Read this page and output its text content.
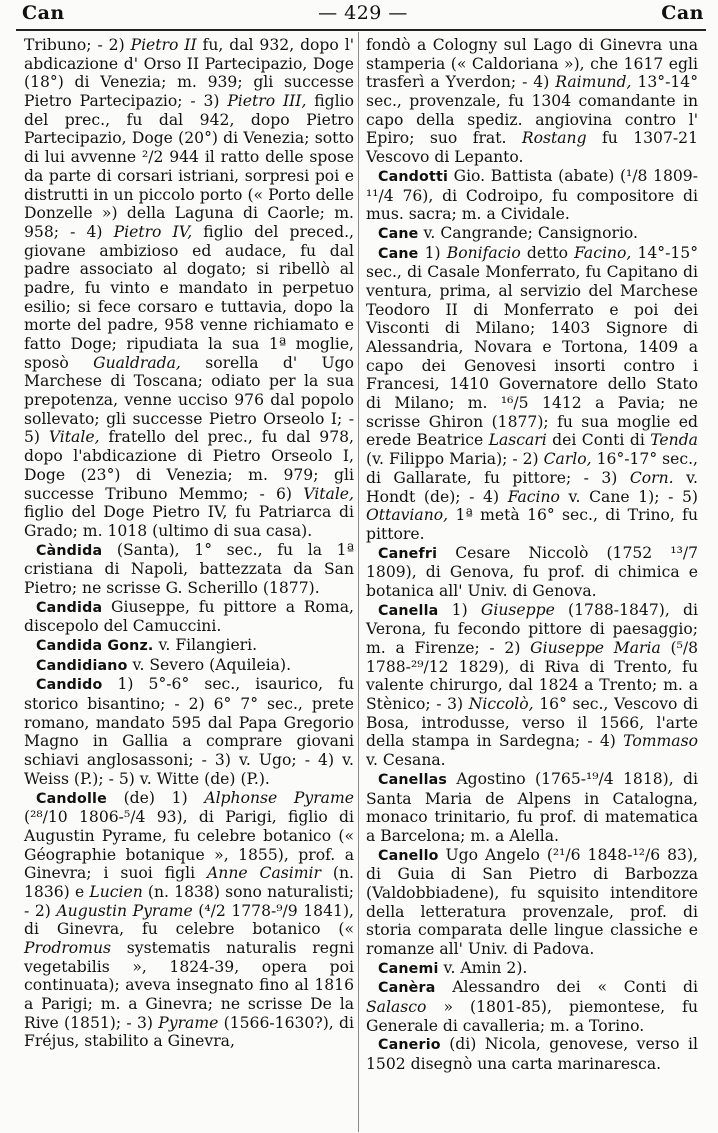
Can	— 429 —	Can

Tribuno; - 2) Pietro II fu, dal 932, dopo l' abdicazione d' Orso II Partecipazio, Doge (18°) di Venezia; m. 939; gli successe Pietro Partecipazio; - 3) Pietro III, figlio del prec., fu dal 942, dopo Pietro Partecipazio, Doge (20°) di Venezia; sotto di lui avvenne ²/2 944 il ratto delle spose da parte di corsari istriani, sorpresi poi e distrutti in un piccolo porto (« Porto delle Donzelle ») della Laguna di Caorle; m. 958; - 4) Pietro IV, figlio del preced., giovane ambizioso ed audace, fu dal padre associato al dogato; si ribellò al padre, fu vinto e mandato in perpetuo esilio; si fece corsaro e tuttavia, dopo la morte del padre, 958 venne richiamato e fatto Doge; ripudiata la sua 1ª moglie, sposò Gualdrada, sorella d' Ugo Marchese di Toscana; odiato per la sua prepotenza, venne ucciso 976 dal popolo sollevato; gli successe Pietro Orseolo I; - 5) Vitale, fratello del prec., fu dal 978, dopo l'abdicazione di Pietro Orseolo I, Doge (23°) di Venezia; m. 979; gli successe Tribuno Memmo; - 6) Vitale, figlio del Doge Pietro IV, fu Patriarca di Grado; m. 1018 (ultimo di sua casa).

Càndida (Santa), 1° sec., fu la 1ª cristiana di Napoli, battezzata da San Pietro; ne scrisse G. Scherillo (1877).

Candida Giuseppe, fu pittore a Roma, discepolo del Camuccini.

Candida Gonz. v. Filangieri.

Candidiano v. Severo (Aquileia).

Candido 1) 5°-6° sec., isaurico, fu storico bisantino; - 2) 6° 7° sec., prete romano, mandato 595 dal Papa Gregorio Magno in Gallia a comprare giovani schiavi anglosassoni; - 3) v. Ugo; - 4) v. Weiss (P.); - 5) v. Witte (de) (P.).

Candolle (de) 1) Alphonse Pyrame (²⁸/10 1806-⁵/4 93), di Parigi, figlio di Augustin Pyrame, fu celebre botanico (« Géographie botanique », 1855), prof. a Ginevra; i suoi figli Anne Casimir (n. 1836) e Lucien (n. 1838) sono naturalisti; - 2) Augustin Pyrame (⁴/2 1778-⁹/9 1841), di Ginevra, fu celebre botanico (« Prodromus systematis naturalis regni vegetabilis », 1824-39, opera poi continuata); aveva insegnato fino al 1816 a Parigi; m. a Ginevra; ne scrisse De la Rive (1851); - 3) Pyrame (1566-1630?), di Fréjus, stabilito a Ginevra,

fondò a Cologny sul Lago di Ginevra una stamperia (« Caldoriana »), che 1617 egli trasferì a Yverdon; - 4) Raimund, 13°-14° sec., provenzale, fu 1304 comandante in capo della spediz. angiovina contro l' Epiro; suo frat. Rostang fu 1307-21 Vescovo di Lepanto.

Candotti Gio. Battista (abate) (¹/8 1809-¹¹/4 76), di Codroipo, fu compositore di mus. sacra; m. a Cividale.

Cane v. Cangrande; Cansignorio.

Cane 1) Bonifacio detto Facino, 14°-15° sec., di Casale Monferrato, fu Capitano di ventura, prima, al servizio del Marchese Teodoro II di Monferrato e poi dei Visconti di Milano; 1403 Signore di Alessandria, Novara e Tortona, 1409 a capo dei Genovesi insorti contro i Francesi, 1410 Governatore dello Stato di Milano; m. ¹⁶/5 1412 a Pavia; ne scrisse Ghiron (1877); fu sua moglie ed erede Beatrice Lascari dei Conti di Tenda (v. Filippo Maria); - 2) Carlo, 16°-17° sec., di Gallarate, fu pittore; - 3) Corn. v. Hondt (de); - 4) Facino v. Cane 1); - 5) Ottaviano, 1ª metà 16° sec., di Trino, fu pittore.

Canefri Cesare Niccolò (1752 ¹³/7 1809), di Genova, fu prof. di chimica e botanica all' Univ. di Genova.

Canella 1) Giuseppe (1788-1847), di Verona, fu fecondo pittore di paesaggio; m. a Firenze; - 2) Giuseppe Maria (⁵/8 1788-²⁹/12 1829), di Riva di Trento, fu valente chirurgo, dal 1824 a Trento; m. a Stènico; - 3) Niccolò, 16° sec., Vescovo di Bosa, introdusse, verso il 1566, l'arte della stampa in Sardegna; - 4) Tommaso v. Cesana.

Canellas Agostino (1765-¹⁹/4 1818), di Santa Maria de Alpens in Catalogna, monaco trinitario, fu prof. di matematica a Barcelona; m. a Alella.

Canello Ugo Angelo (²¹/6 1848-¹²/6 83), di Guia di San Pietro di Barbozza (Valdobbiadene), fu squisito intenditore della letteratura provenzale, prof. di storia comparata delle lingue classiche e romanze all' Univ. di Padova.

Canemi v. Amin 2).

Canèra Alessandro dei « Conti di Salasco » (1801-85), piemontese, fu Generale di cavalleria; m. a Torino.

Canerio (di) Nicola, genovese, verso il 1502 disegnò una carta marinaresca.
